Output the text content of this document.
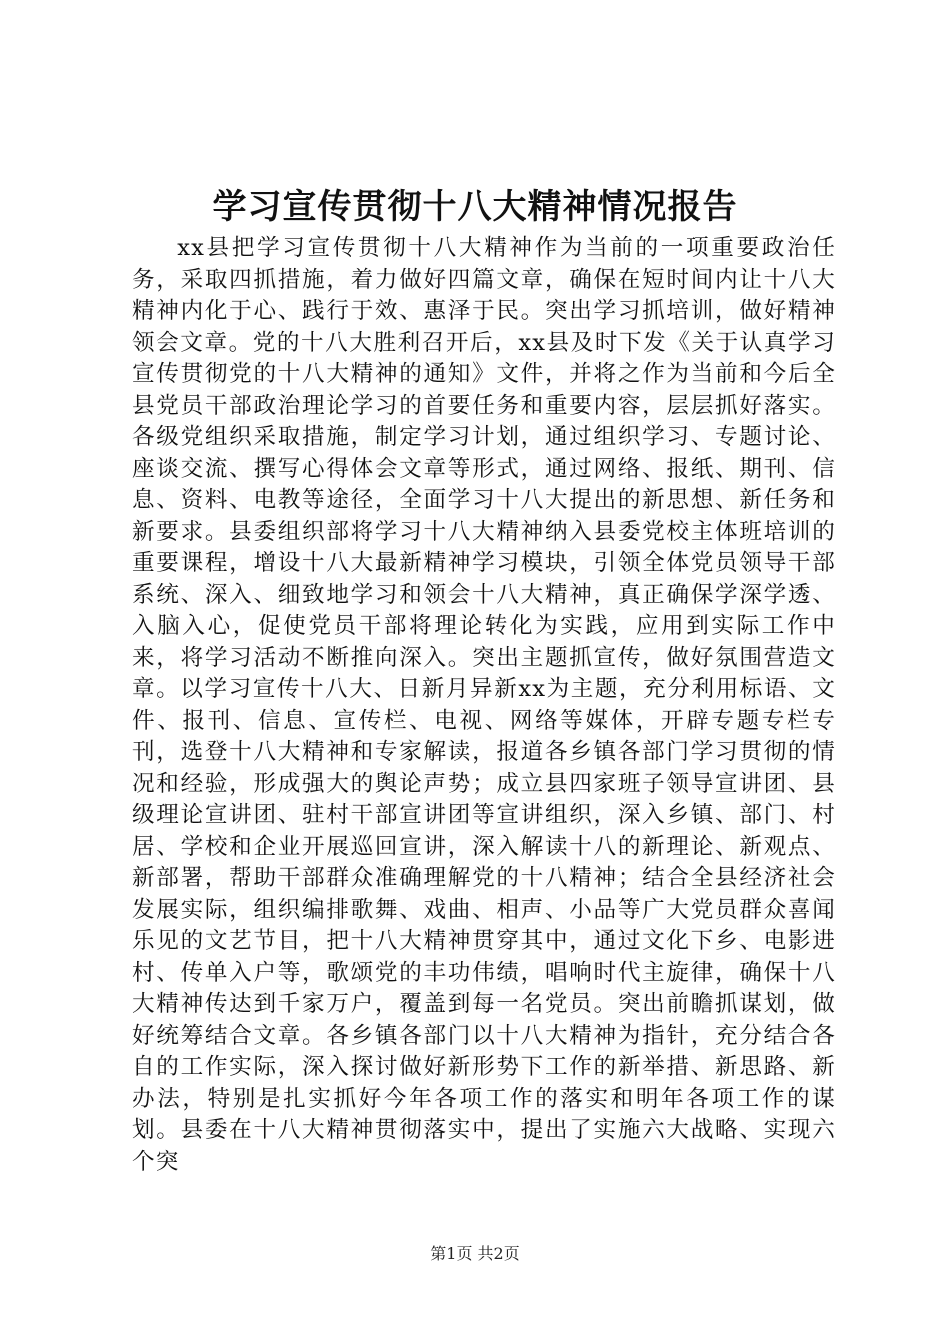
学习宣传贯彻十八大精神情况报告

xx县把学习宣传贯彻十八大精神作为当前的一项重要政治任务，采取四抓措施，着力做好四篇文章，确保在短时间内让十八大精神内化于心、践行于效、惠泽于民。突出学习抓培训，做好精神领会文章。党的十八大胜利召开后，xx县及时下发《关于认真学习宣传贯彻党的十八大精神的通知》文件，并将之作为当前和今后全县党员干部政治理论学习的首要任务和重要内容，层层抓好落实。各级党组织采取措施，制定学习计划，通过组织学习、专题讨论、座谈交流、撰写心得体会文章等形式，通过网络、报纸、期刊、信息、资料、电教等途径，全面学习十八大提出的新思想、新任务和新要求。县委组织部将学习十八大精神纳入县委党校主体班培训的重要课程，增设十八大最新精神学习模块，引领全体党员领导干部系统、深入、细致地学习和领会十八大精神，真正确保学深学透、入脑入心，促使党员干部将理论转化为实践，应用到实际工作中来，将学习活动不断推向深入。突出主题抓宣传，做好氛围营造文章。以学习宣传十八大、日新月异新xx为主题，充分利用标语、文件、报刊、信息、宣传栏、电视、网络等媒体，开辟专题专栏专刊，选登十八大精神和专家解读，报道各乡镇各部门学习贯彻的情况和经验，形成强大的舆论声势；成立县四家班子领导宣讲团、县级理论宣讲团、驻村干部宣讲团等宣讲组织，深入乡镇、部门、村居、学校和企业开展巡回宣讲，深入解读十八的新理论、新观点、新部署，帮助干部群众准确理解党的十八精神；结合全县经济社会发展实际，组织编排歌舞、戏曲、相声、小品等广大党员群众喜闻乐见的文艺节目，把十八大精神贯穿其中，通过文化下乡、电影进村、传单入户等，歌颂党的丰功伟绩，唱响时代主旋律，确保十八大精神传达到千家万户，覆盖到每一名党员。突出前瞻抓谋划，做好统筹结合文章。各乡镇各部门以十八大精神为指针，充分结合各自的工作实际，深入探讨做好新形势下工作的新举措、新思路、新办法，特别是扎实抓好今年各项工作的落实和明年各项工作的谋划。县委在十八大精神贯彻落实中，提出了实施六大战略、实现六个突

第1页 共2页
